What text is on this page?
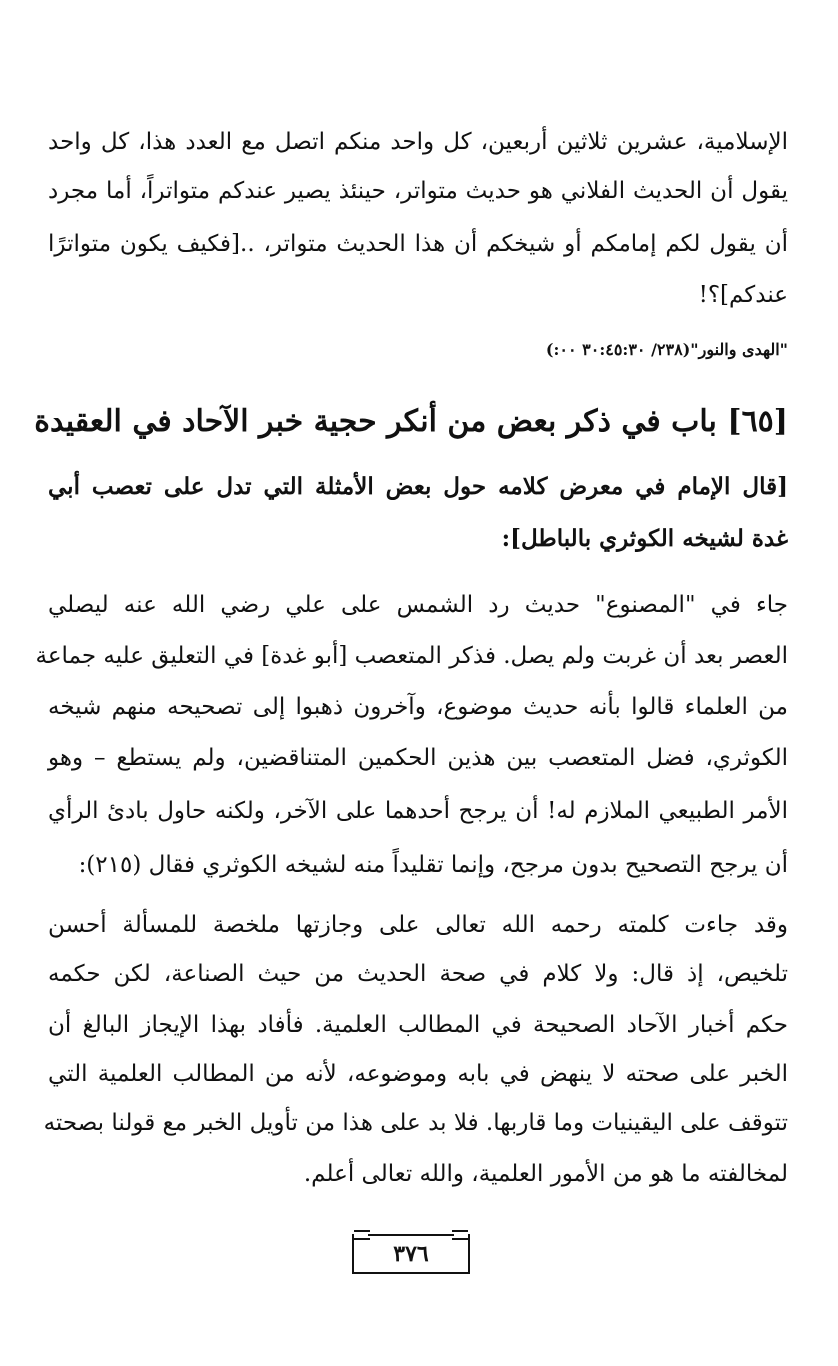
الإسلامية، عشرين ثلاثين أربعين، كل واحد منكم اتصل مع العدد هذا، كل واحد
يقول أن الحديث الفلاني هو حديث متواتر، حينئذ يصير عندكم متواتراً، أما مجرد
أن يقول لكم إمامكم أو شيخكم أن هذا الحديث متواتر، ..[فكيف يكون متواترًا
عندكم]؟!
"الهدى والنور"(٢٣٨/ ٣٠:٤٥:٣٠ ٠٠:)
[٦٥] باب في ذكر بعض من أنكر حجية خبر الآحاد في العقيدة
[قال الإمام في معرض كلامه حول بعض الأمثلة التي تدل على تعصب أبي
غدة لشيخه الكوثري بالباطل]:
جاء في "المصنوع" حديث رد الشمس على علي رضي الله عنه ليصلي
العصر بعد أن غربت ولم يصل. فذكر المتعصب [أبو غدة] في التعليق عليه جماعة
من العلماء قالوا بأنه حديث موضوع، وآخرون ذهبوا إلى تصحيحه منهم شيخه
الكوثري، فضل المتعصب بين هذين الحكمين المتناقضين، ولم يستطع – وهو
الأمر الطبيعي الملازم له! أن يرجح أحدهما على الآخر، ولكنه حاول بادئ الرأي
أن يرجح التصحيح بدون مرجح، وإنما تقليداً منه لشيخه الكوثري فقال (٢١٥):
وقد جاءت كلمته رحمه الله تعالى على وجازتها ملخصة للمسألة أحسن
تلخيص، إذ قال: ولا كلام في صحة الحديث من حيث الصناعة، لكن حكمه
حكم أخبار الآحاد الصحيحة في المطالب العلمية. فأفاد بهذا الإيجاز البالغ أن
الخبر على صحته لا ينهض في بابه وموضوعه، لأنه من المطالب العلمية التي
تتوقف على اليقينيات وما قاربها. فلا بد على هذا من تأويل الخبر مع قولنا بصحته
لمخالفته ما هو من الأمور العلمية، والله تعالى أعلم.
٣٧٦
